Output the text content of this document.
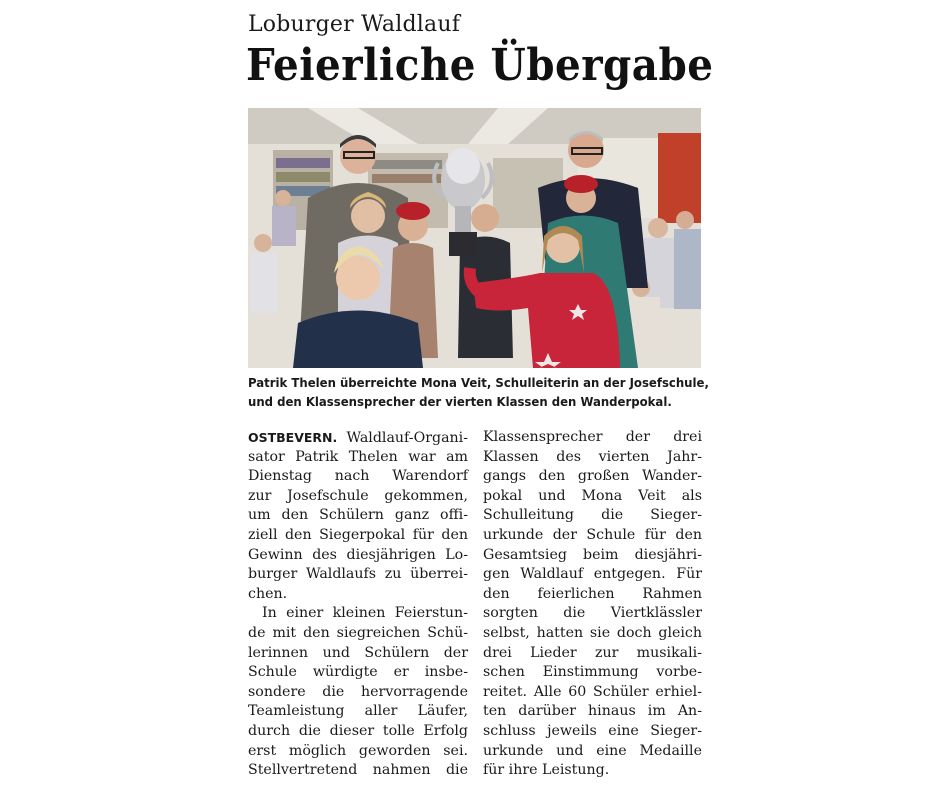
Loburger Waldlauf
Feierliche Übergabe
Patrik Thelen überreichte Mona Veit, Schulleiterin an der Josefschule,
und den Klassensprecher der vierten Klassen den Wanderpokal.
OSTBEVERN. Waldlauf-Organi-
sator Patrik Thelen war am
Dienstag nach Warendorf
zur Josefschule gekommen,
um den Schülern ganz offi-
ziell den Siegerpokal für den
Gewinn des diesjährigen Lo-
burger Waldlaufs zu überrei-
chen.
In einer kleinen Feierstun-
de mit den siegreichen Schü-
lerinnen und Schülern der
Schule würdigte er insbe-
sondere die hervorragende
Teamleistung aller Läufer,
durch die dieser tolle Erfolg
erst möglich geworden sei.
Stellvertretend nahmen die
Klassensprecher der drei
Klassen des vierten Jahr-
gangs den großen Wander-
pokal und Mona Veit als
Schulleitung die Sieger-
urkunde der Schule für den
Gesamtsieg beim diesjähri-
gen Waldlauf entgegen. Für
den feierlichen Rahmen
sorgten die Viertklässler
selbst, hatten sie doch gleich
drei Lieder zur musikali-
schen Einstimmung vorbe-
reitet. Alle 60 Schüler erhiel-
ten darüber hinaus im An-
schluss jeweils eine Sieger-
urkunde und eine Medaille
für ihre Leistung.
